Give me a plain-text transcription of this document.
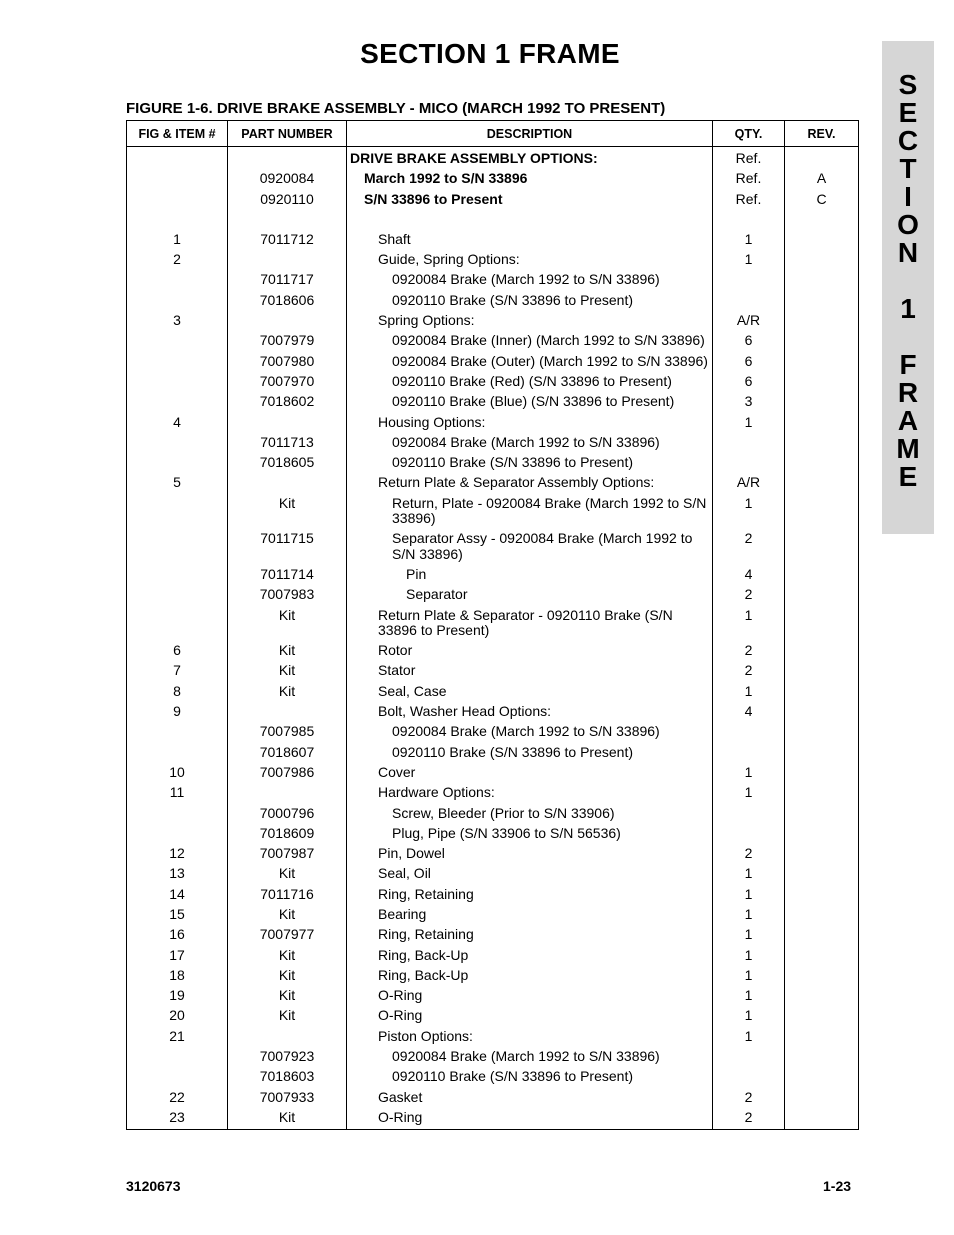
SECTION 1 FRAME
S
E
C
T
I
O
N

1

F
R
A
M
E
FIGURE 1-6. DRIVE BRAKE ASSEMBLY - MICO (MARCH 1992 TO PRESENT)
FIG & ITEM #	PART NUMBER	DESCRIPTION	QTY.	REV.
		DRIVE BRAKE ASSEMBLY OPTIONS:	Ref.	
	0920084	March 1992 to S/N 33896	Ref.	A
	0920110	S/N 33896 to Present	Ref.	C

1	7011712	Shaft	1	
2		Guide, Spring Options:	1	
	7011717	0920084 Brake (March 1992 to S/N 33896)		
	7018606	0920110 Brake (S/N 33896 to Present)		
3		Spring Options:	A/R	
	7007979	0920084 Brake (Inner) (March 1992 to S/N 33896)	6	
	7007980	0920084 Brake (Outer) (March 1992 to S/N 33896)	6	
	7007970	0920110 Brake (Red) (S/N 33896 to Present)	6	
	7018602	0920110 Brake (Blue) (S/N 33896 to Present)	3	
4		Housing Options:	1	
	7011713	0920084 Brake (March 1992 to S/N 33896)		
	7018605	0920110 Brake (S/N 33896 to Present)		
5		Return Plate & Separator Assembly Options:	A/R	
	Kit	Return, Plate - 0920084 Brake (March 1992 to S/N 33896)	1	
	7011715	Separator Assy - 0920084 Brake (March 1992 to S/N 33896)	2	
	7011714	Pin	4	
	7007983	Separator	2	
	Kit	Return Plate & Separator - 0920110 Brake (S/N 33896 to Present)	1	
6	Kit	Rotor	2	
7	Kit	Stator	2	
8	Kit	Seal, Case	1	
9		Bolt, Washer Head Options:	4	
	7007985	0920084 Brake (March 1992 to S/N 33896)		
	7018607	0920110 Brake (S/N 33896 to Present)		
10	7007986	Cover	1	
11		Hardware Options:	1	
	7000796	Screw, Bleeder (Prior to S/N 33906)		
	7018609	Plug, Pipe (S/N 33906 to S/N 56536)		
12	7007987	Pin, Dowel	2	
13	Kit	Seal, Oil	1	
14	7011716	Ring, Retaining	1	
15	Kit	Bearing	1	
16	7007977	Ring, Retaining	1	
17	Kit	Ring, Back-Up	1	
18	Kit	Ring, Back-Up	1	
19	Kit	O-Ring	1	
20	Kit	O-Ring	1	
21		Piston Options:	1	
	7007923	0920084 Brake (March 1992 to S/N 33896)		
	7018603	0920110 Brake (S/N 33896 to Present)		
22	7007933	Gasket	2	
23	Kit	O-Ring	2	
3120673	1-23
